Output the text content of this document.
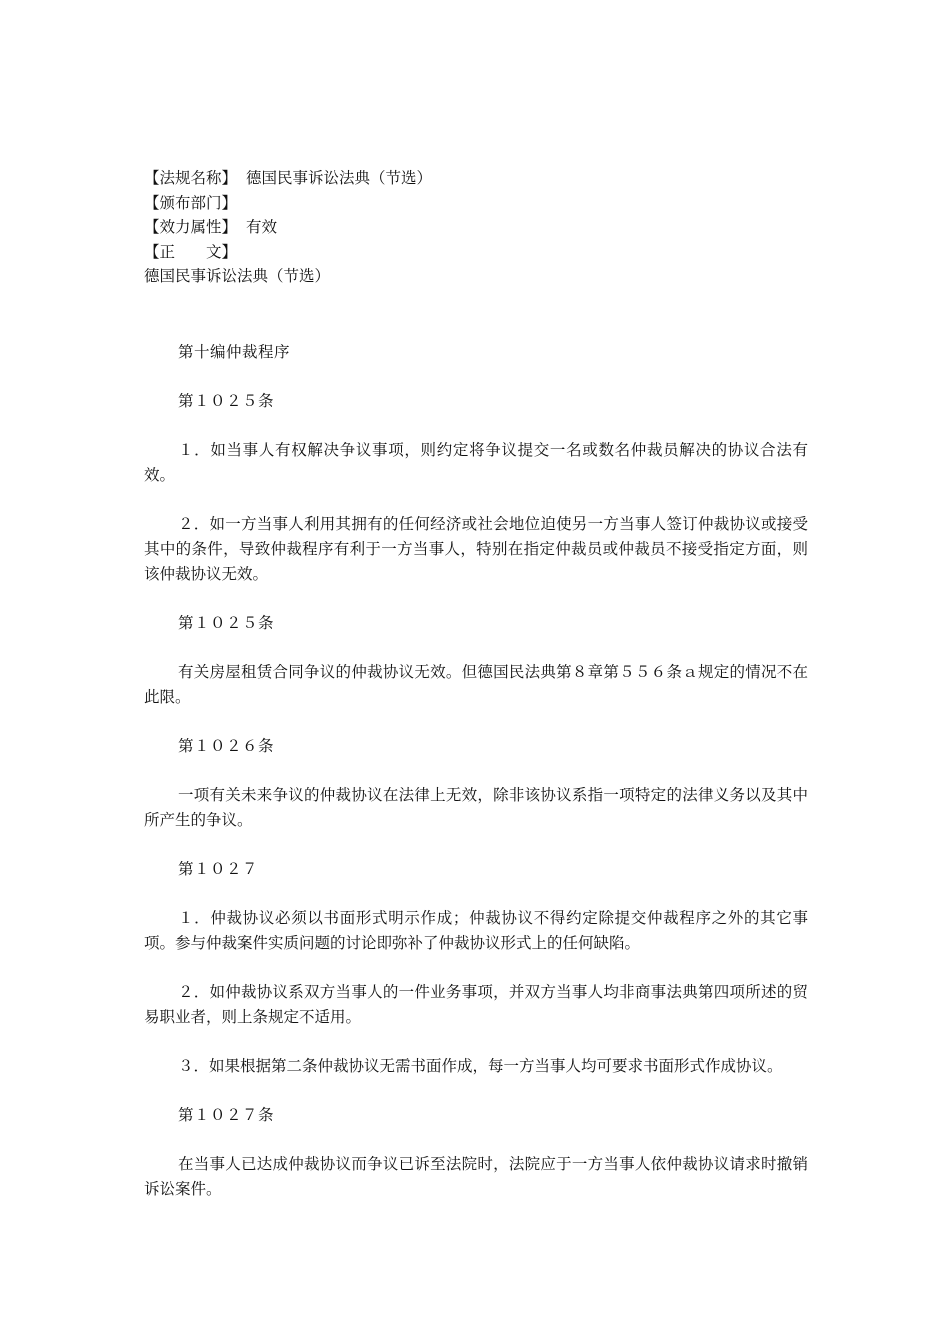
【法规名称】 德国民事诉讼法典（节选）
【颁布部门】
【效力属性】 有效
【正　　文】
德国民事诉讼法典（节选）
第十编仲裁程序
第１０２５条
１．如当事人有权解决争议事项，则约定将争议提交一名或数名仲裁员解决的协议合法有效。
２．如一方当事人利用其拥有的任何经济或社会地位迫使另一方当事人签订仲裁协议或接受其中的条件，导致仲裁程序有利于一方当事人，特别在指定仲裁员或仲裁员不接受指定方面，则该仲裁协议无效。
第１０２５条
有关房屋租赁合同争议的仲裁协议无效。但德国民法典第８章第５５６条ａ规定的情况不在此限。
第１０２６条
一项有关未来争议的仲裁协议在法律上无效，除非该协议系指一项特定的法律义务以及其中所产生的争议。
第１０２７
１．仲裁协议必须以书面形式明示作成；仲裁协议不得约定除提交仲裁程序之外的其它事项。参与仲裁案件实质问题的讨论即弥补了仲裁协议形式上的任何缺陷。
２．如仲裁协议系双方当事人的一件业务事项，并双方当事人均非商事法典第四项所述的贸易职业者，则上条规定不适用。
３．如果根据第二条仲裁协议无需书面作成，每一方当事人均可要求书面形式作成协议。
第１０２７条
在当事人已达成仲裁协议而争议已诉至法院时，法院应于一方当事人依仲裁协议请求时撤销诉讼案件。
